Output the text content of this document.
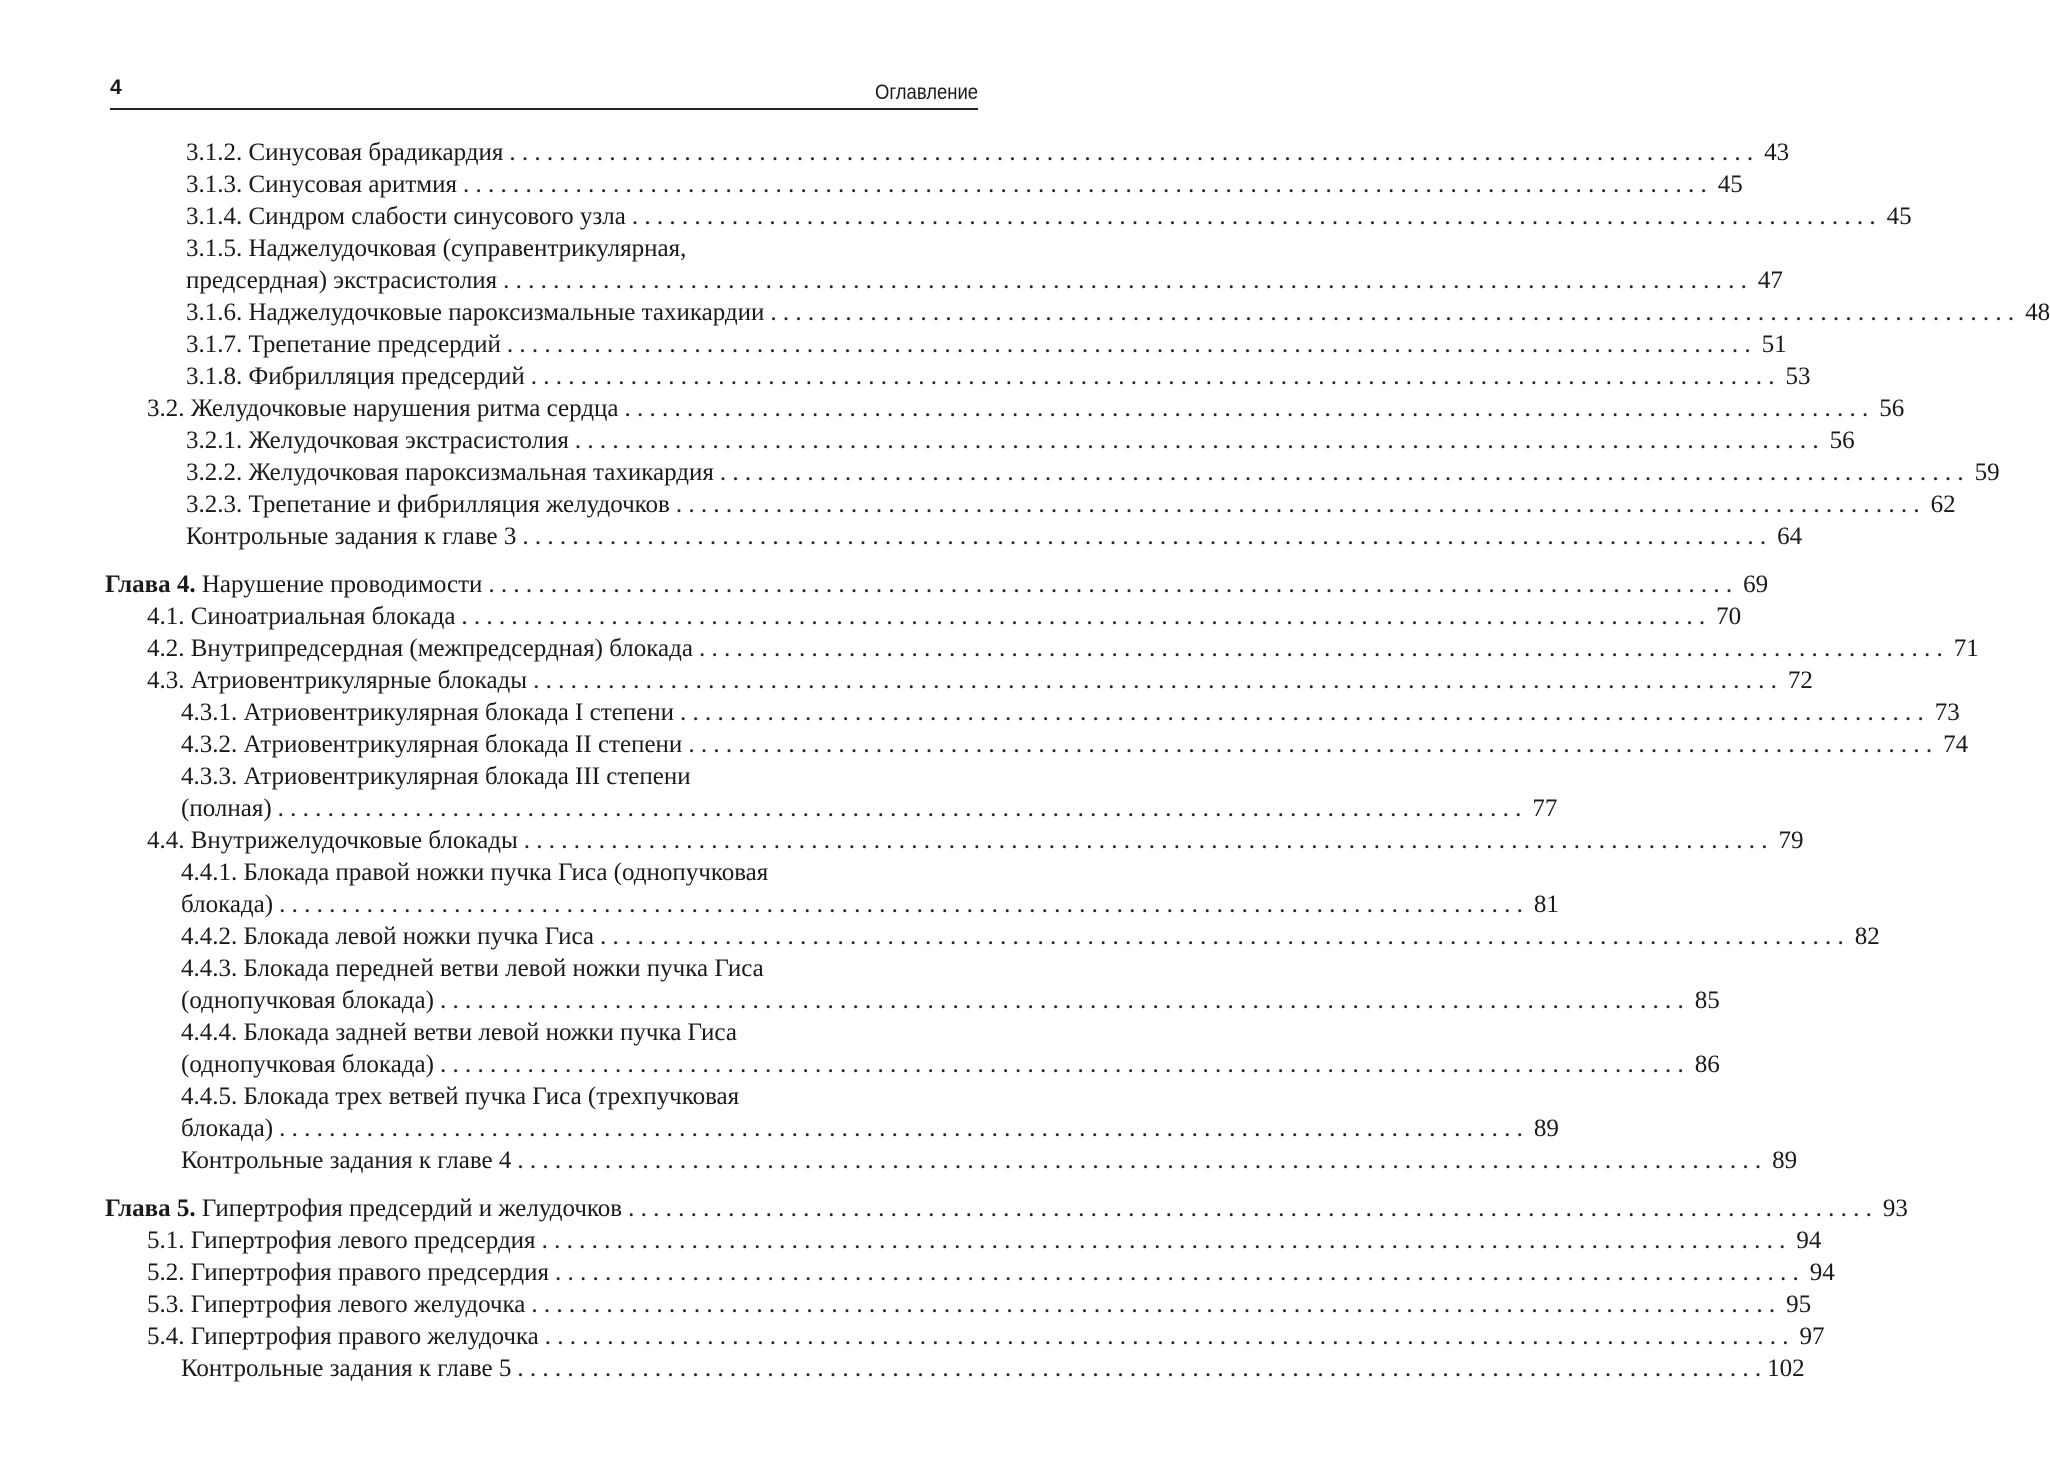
4	Оглавление
3.1.2. Синусовая брадикардия . . .	43
3.1.3. Синусовая аритмия . . .	45
3.1.4. Синдром слабости синусового узла . . .	45
3.1.5. Наджелудочковая (суправентрикулярная,
предсердная) экстрасистолия . . .	47
3.1.6. Наджелудочковые пароксизмальные тахикардии . . .	48
3.1.7. Трепетание предсердий . . .	51
3.1.8. Фибрилляция предсердий . . .	53
3.2. Желудочковые нарушения ритма сердца . . .	56
3.2.1. Желудочковая экстрасистолия . . .	56
3.2.2. Желудочковая пароксизмальная тахикардия . . .	59
3.2.3. Трепетание и фибрилляция желудочков . . .	62
Контрольные задания к главе 3 . . .	64
Глава 4. Нарушение проводимости . . .	69
4.1. Синоатриальная блокада . . .	70
4.2. Внутрипредсердная (межпредсердная) блокада . . .	71
4.3. Атриовентрикулярные блокады . . .	72
4.3.1. Атриовентрикулярная блокада I степени . . .	73
4.3.2. Атриовентрикулярная блокада II степени . . .	74
4.3.3. Атриовентрикулярная блокада III степени
(полная) . . .	77
4.4. Внутрижелудочковые блокады . . .	79
4.4.1. Блокада правой ножки пучка Гиса (однопучковая
блокада) . . .	81
4.4.2. Блокада левой ножки пучка Гиса . . .	82
4.4.3. Блокада передней ветви левой ножки пучка Гиса
(однопучковая блокада) . . .	85
4.4.4. Блокада задней ветви левой ножки пучка Гиса
(однопучковая блокада) . . .	86
4.4.5. Блокада трех ветвей пучка Гиса (трехпучковая
блокада) . . .	89
Контрольные задания к главе 4 . . .	89
Глава 5. Гипертрофия предсердий и желудочков . . .	93
5.1. Гипертрофия левого предсердия . . .	94
5.2. Гипертрофия правого предсердия . . .	94
5.3. Гипертрофия левого желудочка . . .	95
5.4. Гипертрофия правого желудочка . . .	97
Контрольные задания к главе 5 . . .	102
